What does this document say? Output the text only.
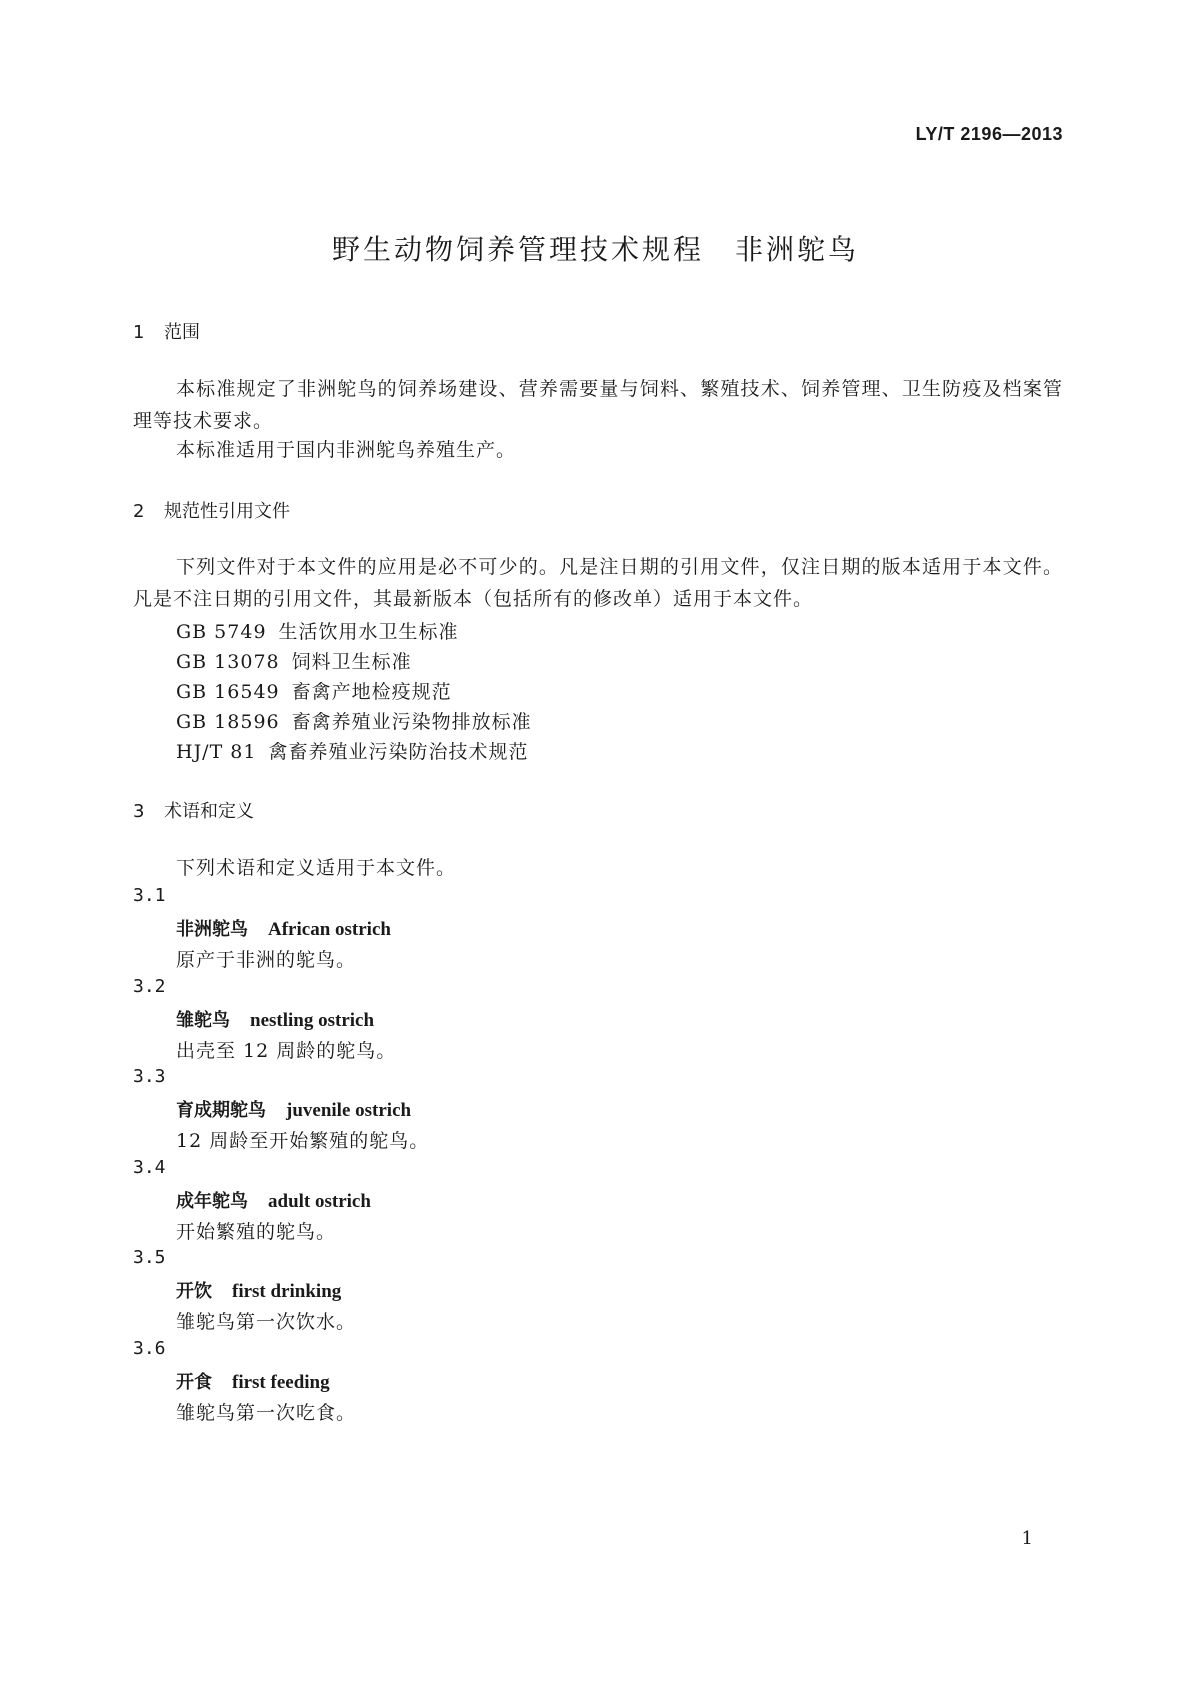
LY/T 2196—2013
野生动物饲养管理技术规程　非洲鸵鸟
1 范围
本标准规定了非洲鸵鸟的饲养场建设、营养需要量与饲料、繁殖技术、饲养管理、卫生防疫及档案管理等技术要求。
本标准适用于国内非洲鸵鸟养殖生产。
2 规范性引用文件
下列文件对于本文件的应用是必不可少的。凡是注日期的引用文件，仅注日期的版本适用于本文件。凡是不注日期的引用文件，其最新版本（包括所有的修改单）适用于本文件。
GB 5749 生活饮用水卫生标准
GB 13078 饲料卫生标准
GB 16549 畜禽产地检疫规范
GB 18596 畜禽养殖业污染物排放标准
HJ/T 81 禽畜养殖业污染防治技术规范
3 术语和定义
下列术语和定义适用于本文件。
3.1
非洲鸵鸟 African ostrich
原产于非洲的鸵鸟。
3.2
雏鸵鸟 nestling ostrich
出壳至 12 周龄的鸵鸟。
3.3
育成期鸵鸟 juvenile ostrich
12 周龄至开始繁殖的鸵鸟。
3.4
成年鸵鸟 adult ostrich
开始繁殖的鸵鸟。
3.5
开饮 first drinking
雏鸵鸟第一次饮水。
3.6
开食 first feeding
雏鸵鸟第一次吃食。
1
